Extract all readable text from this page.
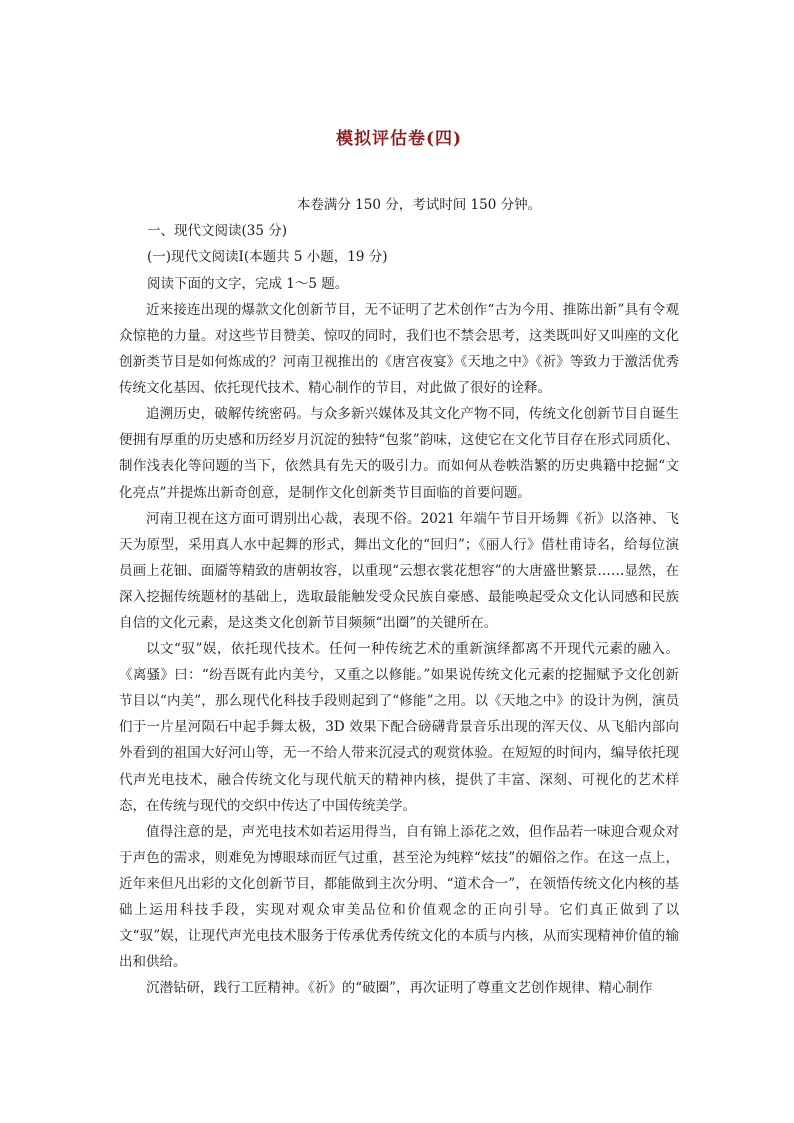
模拟评估卷(四)
本卷满分 150 分，考试时间 150 分钟。
一、现代文阅读(35 分)
(一)现代文阅读Ⅰ(本题共 5 小题，19 分)
阅读下面的文字，完成 1～5 题。

近来接连出现的爆款文化创新节目，无不证明了艺术创作“古为今用、推陈出新”具有令观众惊艳的力量。对这些节目赞美、惊叹的同时，我们也不禁会思考，这类既叫好又叫座的文化创新类节目是如何炼成的？河南卫视推出的《唐宫夜宴》《天地之中》《祈》等致力于激活优秀传统文化基因、依托现代技术、精心制作的节目，对此做了很好的诠释。

追溯历史，破解传统密码。与众多新兴媒体及其文化产物不同，传统文化创新节目自诞生便拥有厚重的历史感和历经岁月沉淀的独特“包浆”韵味，这使它在文化节目存在形式同质化、制作浅表化等问题的当下，依然具有先天的吸引力。而如何从卷帙浩繁的历史典籍中挖掘“文化亮点”并提炼出新奇创意，是制作文化创新类节目面临的首要问题。

河南卫视在这方面可谓别出心裁，表现不俗。2021 年端午节目开场舞《祈》以洛神、飞天为原型，采用真人水中起舞的形式，舞出文化的“回归”；《丽人行》借杜甫诗名，给每位演员画上花钿、面靥等精致的唐朝妆容，以重现“云想衣裳花想容”的大唐盛世繁景……显然，在深入挖掘传统题材的基础上，选取最能触发受众民族自豪感、最能唤起受众文化认同感和民族自信的文化元素，是这类文化创新节目频频“出圈”的关键所在。

以文“驭”娱，依托现代技术。任何一种传统艺术的重新演绎都离不开现代元素的融入。《离骚》曰：“纷吾既有此内美兮，又重之以修能。”如果说传统文化元素的挖掘赋予文化创新节目以“内美”，那么现代化科技手段则起到了“修能”之用。以《天地之中》的设计为例，演员们于一片星河陨石中起手舞太极，3D 效果下配合磅礴背景音乐出现的浑天仪、从飞船内部向外看到的祖国大好河山等，无一不给人带来沉浸式的观赏体验。在短短的时间内，编导依托现代声光电技术，融合传统文化与现代航天的精神内核，提供了丰富、深刻、可视化的艺术样态，在传统与现代的交织中传达了中国传统美学。

值得注意的是，声光电技术如若运用得当，自有锦上添花之效，但作品若一味迎合观众对于声色的需求，则难免为博眼球而匠气过重，甚至沦为纯粹“炫技”的媚俗之作。在这一点上，近年来但凡出彩的文化创新节目，都能做到主次分明、“道术合一”，在领悟传统文化内核的基础上运用科技手段，实现对观众审美品位和价值观念的正向引导。它们真正做到了以文“驭”娱，让现代声光电技术服务于传承优秀传统文化的本质与内核，从而实现精神价值的输出和供给。

沉潜钻研，践行工匠精神。《祈》的“破圈”，再次证明了尊重文艺创作规律、精心制作
